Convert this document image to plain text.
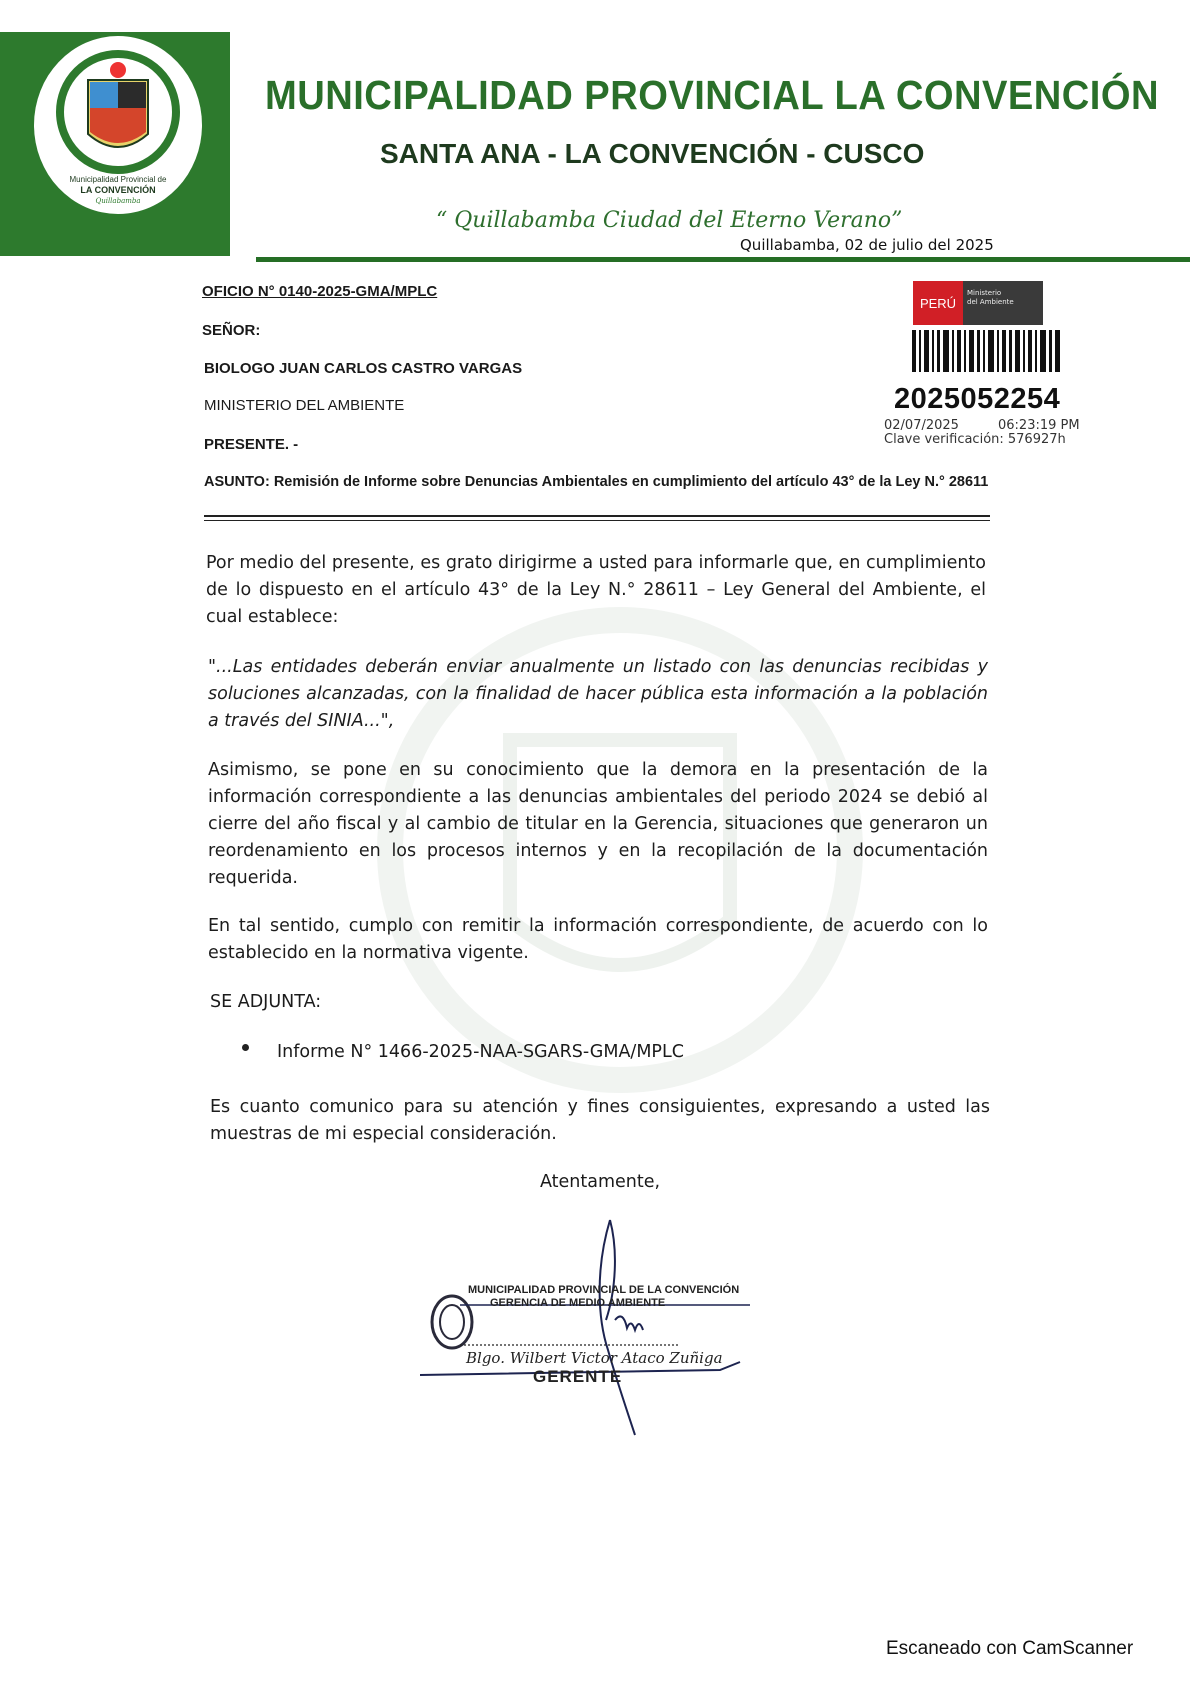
Municipalidad Provincial de
LA CONVENCIÓN
Quillabamba
MUNICIPALIDAD PROVINCIAL LA CONVENCIÓN
SANTA ANA - LA CONVENCIÓN - CUSCO
“ Quillabamba Ciudad del Eterno Verano”
Quillabamba, 02 de julio del 2025
PERÚ
Ministerio
del Ambiente
2025052254
02/07/2025	06:23:19 PM
Clave verificación: 576927h
OFICIO N° 0140-2025-GMA/MPLC
SEÑOR:
BIOLOGO JUAN CARLOS CASTRO VARGAS
MINISTERIO DEL AMBIENTE
PRESENTE. -
ASUNTO: Remisión de Informe sobre Denuncias Ambientales en cumplimiento del artículo 43° de la Ley N.° 28611
Por medio del presente, es grato dirigirme a usted para informarle que, en cumplimiento de lo dispuesto en el artículo 43° de la Ley N.° 28611 – Ley General del Ambiente, el cual establece:
"...Las entidades deberán enviar anualmente un listado con las denuncias recibidas y soluciones alcanzadas, con la finalidad de hacer pública esta información a la población a través del SINIA...",
Asimismo, se pone en su conocimiento que la demora en la presentación de la información correspondiente a las denuncias ambientales del periodo 2024 se debió al cierre del año fiscal y al cambio de titular en la Gerencia, situaciones que generaron un reordenamiento en los procesos internos y en la recopilación de la documentación requerida.
En tal sentido, cumplo con remitir la información correspondiente, de acuerdo con lo establecido en la normativa vigente.
SE ADJUNTA:
Informe N° 1466-2025-NAA-SGARS-GMA/MPLC
Es cuanto comunico para su atención y fines consiguientes, expresando a usted las muestras de mi especial consideración.
Atentamente,
MUNICIPALIDAD PROVINCIAL DE LA CONVENCIÓN
GERENCIA DE MEDIO AMBIENTE
Blgo. Wilbert Victor Ataco Zuñiga
GERENTE
Escaneado con CamScanner
